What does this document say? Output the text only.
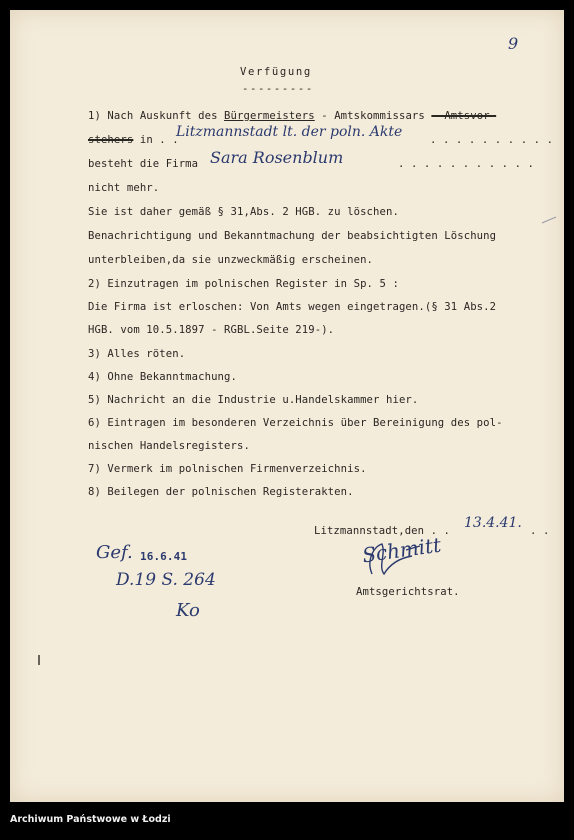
9

Verfügung

---------

1) Nach Auskunft des Bürgermeisters - Amtskommissars - Amtsvor-

stehers in . .

Litzmannstadt lt. der poln. Akte	. . . . . . . . . .

besteht die Firma Sara Rosenblum	. . . . . . . . . . .

nicht mehr.

Sie ist daher gemäß § 31,Abs. 2 HGB. zu löschen.

Benachrichtigung und Bekanntmachung der beabsichtigten Löschung

unterbleiben,da sie unzweckmäßig erscheinen.

2) Einzutragen im polnischen Register in Sp. 5 :

Die Firma ist erloschen: Von Amts wegen eingetragen.(§ 31 Abs.2

HGB. vom 10.5.1897 - RGBL.Seite 219-).

3) Alles röten.

4) Ohne Bekanntmachung.

5) Nachricht an die Industrie u.Handelskammer hier.

6) Eintragen im besonderen Verzeichnis über Bereinigung des pol-

nischen Handelsregisters.

7) Vermerk im polnischen Firmenverzeichnis.

8) Beilegen der polnischen Registerakten.

Litzmannstadt,den . . 13.4.41. . .

Schmitt

Amtsgerichtsrat.

Gef. 16.6.41

D.19 S. 264
Ko
Archiwum Państwowe w Łodzi
